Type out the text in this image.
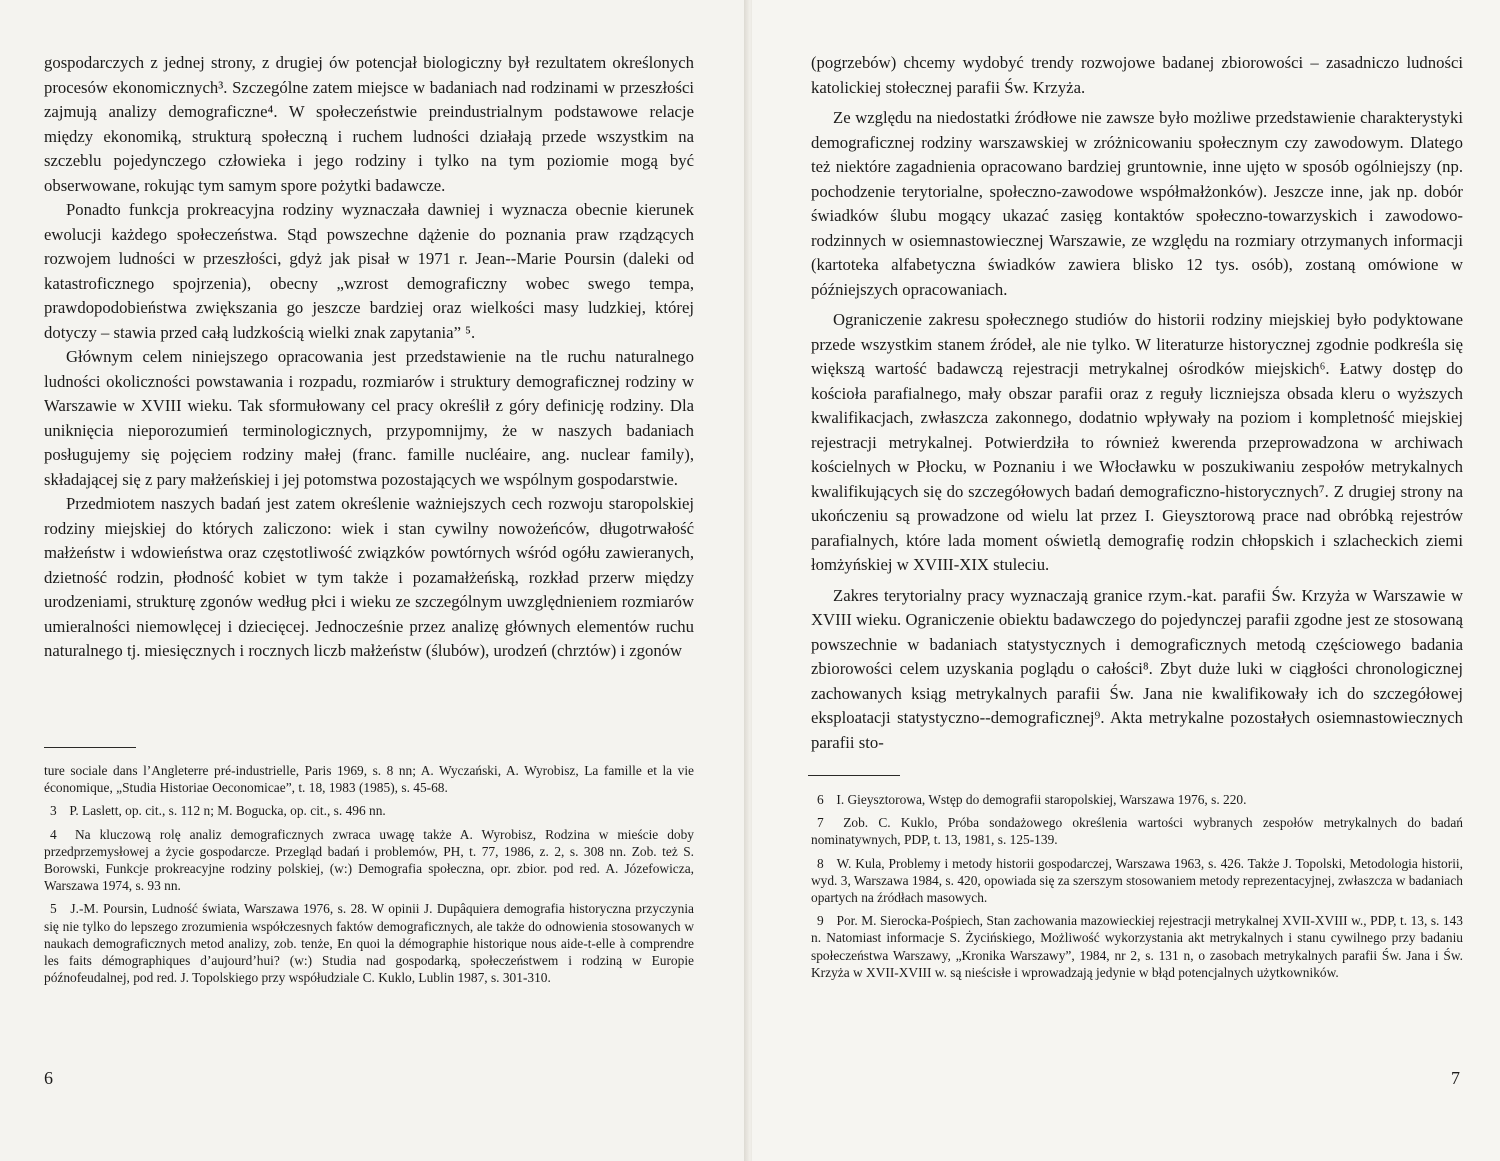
gospodarczych z jednej strony, z drugiej ów potencjał biologiczny był rezultatem określonych procesów ekonomicznych³. Szczególne zatem miejsce w badaniach nad rodzinami w przeszłości zajmują analizy demograficzne⁴. W społeczeństwie preindustrialnym podstawowe relacje między ekonomiką, strukturą społeczną i ruchem ludności działają przede wszystkim na szczeblu pojedynczego człowieka i jego rodziny i tylko na tym poziomie mogą być obserwowane, rokując tym samym spore pożytki badawcze.
Ponadto funkcja prokreacyjna rodziny wyznaczała dawniej i wyznacza obecnie kierunek ewolucji każdego społeczeństwa. Stąd powszechne dążenie do poznania praw rządzących rozwojem ludności w przeszłości, gdyż jak pisał w 1971 r. Jean--Marie Poursin (daleki od katastroficznego spojrzenia), obecny „wzrost demograficzny wobec swego tempa, prawdopodobieństwa zwiększania go jeszcze bardziej oraz wielkości masy ludzkiej, której dotyczy – stawia przed całą ludzkością wielki znak zapytania” ⁵.
Głównym celem niniejszego opracowania jest przedstawienie na tle ruchu naturalnego ludności okoliczności powstawania i rozpadu, rozmiarów i struktury demograficznej rodziny w Warszawie w XVIII wieku. Tak sformułowany cel pracy określił z góry definicję rodziny. Dla uniknięcia nieporozumień terminologicznych, przypomnijmy, że w naszych badaniach posługujemy się pojęciem rodziny małej (franc. famille nucléaire, ang. nuclear family), składającej się z pary małżeńskiej i jej potomstwa pozostających we wspólnym gospodarstwie.
Przedmiotem naszych badań jest zatem określenie ważniejszych cech rozwoju staropolskiej rodziny miejskiej do których zaliczono: wiek i stan cywilny nowożeńców, długotrwałość małżeństw i wdowieństwa oraz częstotliwość związków powtórnych wśród ogółu zawieranych, dzietność rodzin, płodność kobiet w tym także i pozamałżeńską, rozkład przerw między urodzeniami, strukturę zgonów według płci i wieku ze szczególnym uwzględnieniem rozmiarów umieralności niemowlęcej i dziecięcej. Jednocześnie przez analizę głównych elementów ruchu naturalnego tj. miesięcznych i rocznych liczb małżeństw (ślubów), urodzeń (chrztów) i zgonów
ture sociale dans l’Angleterre pré-industrielle, Paris 1969, s. 8 nn; A. Wyczański, A. Wyrobisz, La famille et la vie économique, „Studia Historiae Oeconomicae”, t. 18, 1983 (1985), s. 45-68.
3 P. Laslett, op. cit., s. 112 n; M. Bogucka, op. cit., s. 496 nn.
4 Na kluczową rolę analiz demograficznych zwraca uwagę także A. Wyrobisz, Rodzina w mieście doby przedprzemysłowej a życie gospodarcze. Przegląd badań i problemów, PH, t. 77, 1986, z. 2, s. 308 nn. Zob. też S. Borowski, Funkcje prokreacyjne rodziny polskiej, (w:) Demografia społeczna, opr. zbior. pod red. A. Józefowicza, Warszawa 1974, s. 93 nn.
5 J.-M. Poursin, Ludność świata, Warszawa 1976, s. 28. W opinii J. Dupâquiera demografia historyczna przyczynia się nie tylko do lepszego zrozumienia współczesnych faktów demograficznych, ale także do odnowienia stosowanych w naukach demograficznych metod analizy, zob. tenże, En quoi la démographie historique nous aide-t-elle à comprendre les faits démographiques d’aujourd’hui? (w:) Studia nad gospodarką, społeczeństwem i rodziną w Europie późnofeudalnej, pod red. J. Topolskiego przy współudziale C. Kuklo, Lublin 1987, s. 301-310.
6
(pogrzebów) chcemy wydobyć trendy rozwojowe badanej zbiorowości – zasadniczo ludności katolickiej stołecznej parafii Św. Krzyża.
Ze względu na niedostatki źródłowe nie zawsze było możliwe przedstawienie charakterystyki demograficznej rodziny warszawskiej w zróżnicowaniu społecznym czy zawodowym. Dlatego też niektóre zagadnienia opracowano bardziej gruntownie, inne ujęto w sposób ogólniejszy (np. pochodzenie terytorialne, społeczno-zawodowe współmałżonków). Jeszcze inne, jak np. dobór świadków ślubu mogący ukazać zasięg kontaktów społeczno-towarzyskich i zawodowo-rodzinnych w osiemnastowiecznej Warszawie, ze względu na rozmiary otrzymanych informacji (kartoteka alfabetyczna świadków zawiera blisko 12 tys. osób), zostaną omówione w późniejszych opracowaniach.
Ograniczenie zakresu społecznego studiów do historii rodziny miejskiej było podyktowane przede wszystkim stanem źródeł, ale nie tylko. W literaturze historycznej zgodnie podkreśla się większą wartość badawczą rejestracji metrykalnej ośrodków miejskich⁶. Łatwy dostęp do kościoła parafialnego, mały obszar parafii oraz z reguły liczniejsza obsada kleru o wyższych kwalifikacjach, zwłaszcza zakonnego, dodatnio wpływały na poziom i kompletność miejskiej rejestracji metrykalnej. Potwierdziła to również kwerenda przeprowadzona w archiwach kościelnych w Płocku, w Poznaniu i we Włocławku w poszukiwaniu zespołów metrykalnych kwalifikujących się do szczegółowych badań demograficzno-historycznych⁷. Z drugiej strony na ukończeniu są prowadzone od wielu lat przez I. Gieysztorową prace nad obróbką rejestrów parafialnych, które lada moment oświetlą demografię rodzin chłopskich i szlacheckich ziemi łomżyńskiej w XVIII-XIX stuleciu.
Zakres terytorialny pracy wyznaczają granice rzym.-kat. parafii Św. Krzyża w Warszawie w XVIII wieku. Ograniczenie obiektu badawczego do pojedynczej parafii zgodne jest ze stosowaną powszechnie w badaniach statystycznych i demograficznych metodą częściowego badania zbiorowości celem uzyskania poglądu o całości⁸. Zbyt duże luki w ciągłości chronologicznej zachowanych ksiąg metrykalnych parafii Św. Jana nie kwalifikowały ich do szczegółowej eksploatacji statystyczno--demograficznej⁹. Akta metrykalne pozostałych osiemnastowiecznych parafii sto-
6 I. Gieysztorowa, Wstęp do demografii staropolskiej, Warszawa 1976, s. 220.
7 Zob. C. Kuklo, Próba sondażowego określenia wartości wybranych zespołów metrykalnych do badań nominatywnych, PDP, t. 13, 1981, s. 125-139.
8 W. Kula, Problemy i metody historii gospodarczej, Warszawa 1963, s. 426. Także J. Topolski, Metodologia historii, wyd. 3, Warszawa 1984, s. 420, opowiada się za szerszym stosowaniem metody reprezentacyjnej, zwłaszcza w badaniach opartych na źródłach masowych.
9 Por. M. Sierocka-Pośpiech, Stan zachowania mazowieckiej rejestracji metrykalnej XVII-XVIII w., PDP, t. 13, s. 143 n. Natomiast informacje S. Życińskiego, Możliwość wykorzystania akt metrykalnych i stanu cywilnego przy badaniu społeczeństwa Warszawy, „Kronika Warszawy”, 1984, nr 2, s. 131 n, o zasobach metrykalnych parafii Św. Jana i Św. Krzyża w XVII-XVIII w. są nieścisłe i wprowadzają jedynie w błąd potencjalnych użytkowników.
7
